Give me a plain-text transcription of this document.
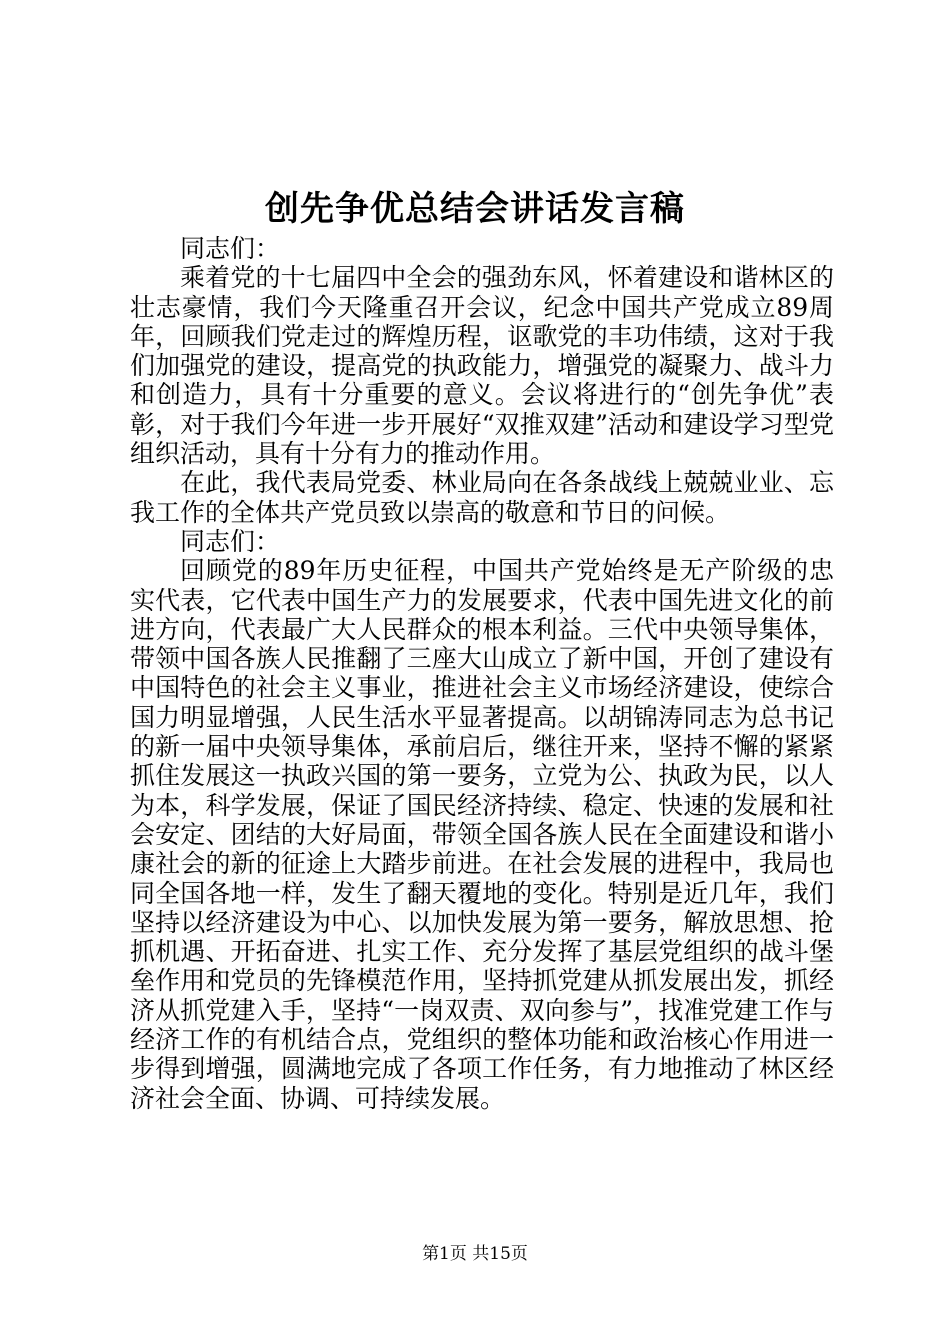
创先争优总结会讲话发言稿

同志们：

乘着党的十七届四中全会的强劲东风，怀着建设和谐林区的壮志豪情，我们今天隆重召开会议，纪念中国共产党成立89周年，回顾我们党走过的辉煌历程，讴歌党的丰功伟绩，这对于我们加强党的建设，提高党的执政能力，增强党的凝聚力、战斗力和创造力，具有十分重要的意义。会议将进行的“创先争优”表彰，对于我们今年进一步开展好“双推双建”活动和建设学习型党组织活动，具有十分有力的推动作用。

在此，我代表局党委、林业局向在各条战线上兢兢业业、忘我工作的全体共产党员致以崇高的敬意和节日的问候。

同志们：

回顾党的89年历史征程，中国共产党始终是无产阶级的忠实代表，它代表中国生产力的发展要求，代表中国先进文化的前进方向，代表最广大人民群众的根本利益。三代中央领导集体，带领中国各族人民推翻了三座大山成立了新中国，开创了建设有中国特色的社会主义事业，推进社会主义市场经济建设，使综合国力明显增强，人民生活水平显著提高。以胡锦涛同志为总书记的新一届中央领导集体，承前启后，继往开来，坚持不懈的紧紧抓住发展这一执政兴国的第一要务，立党为公、执政为民，以人为本，科学发展，保证了国民经济持续、稳定、快速的发展和社会安定、团结的大好局面，带领全国各族人民在全面建设和谐小康社会的新的征途上大踏步前进。在社会发展的进程中，我局也同全国各地一样，发生了翻天覆地的变化。特别是近几年，我们坚持以经济建设为中心、以加快发展为第一要务，解放思想、抢抓机遇、开拓奋进、扎实工作、充分发挥了基层党组织的战斗堡垒作用和党员的先锋模范作用，坚持抓党建从抓发展出发，抓经济从抓党建入手，坚持“一岗双责、双向参与”，找准党建工作与经济工作的有机结合点，党组织的整体功能和政治核心作用进一步得到增强，圆满地完成了各项工作任务，有力地推动了林区经济社会全面、协调、可持续发展。

第1页 共15页
